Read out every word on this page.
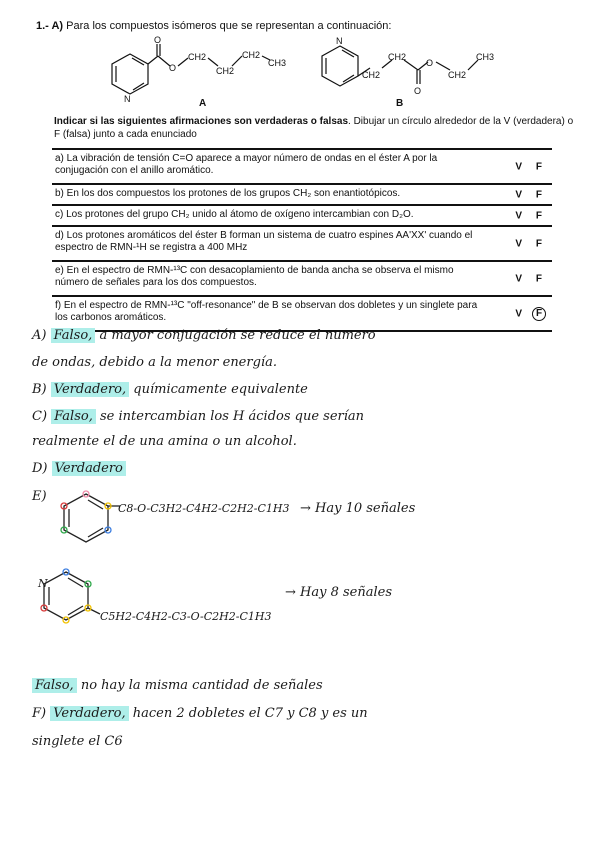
1.- A) Para los compuestos isómeros que se representan a continuación:
O
N
O
CH2
CH2
CH2
CH3
N
CH2
CH2
O
O
CH2
CH3
A	B
Indicar si las siguientes afirmaciones son verdaderas o falsas. Dibujar un círculo alrededor de la V (verdadera) o F (falsa) junto a cada enunciado
a) La vibración de tensión C=O aparece a mayor número de ondas en el éster A por la conjugación con el anillo aromático.	V F
b) En los dos compuestos los protones de los grupos CH₂ son enantiotópicos.	V F
c) Los protones del grupo CH₂ unido al átomo de oxígeno intercambian con D₂O.	V F
d) Los protones aromáticos del éster B forman un sistema de cuatro espines AA'XX' cuando el espectro de RMN-¹H se registra a 400 MHz	V F
e) En el espectro de RMN-¹³C con desacoplamiento de banda ancha se observa el mismo número de señales para los dos compuestos.	V F
f) En el espectro de RMN-¹³C "off-resonance" de B se observan dos dobletes y un singlete para los carbonos aromáticos.	V	F
A) Falso, a mayor conjugación se reduce el numero
de ondas, debido a la menor energía.
B) Verdadero, químicamente equivalente
C) Falso, se intercambian los H ácidos que serían
realmente el de una amina o un alcohol.
D) Verdadero
E)
N
C8-O-C3H2-C4H2-C2H2-C1H3 → Hay 10 señales
C5H2-C4H2-C3-O-C2H2-C1H3
→ Hay 8 señales
Falso, no hay la misma cantidad de señales
F) Verdadero, hacen 2 dobletes el C7 y C8 y es un
singlete el C6
